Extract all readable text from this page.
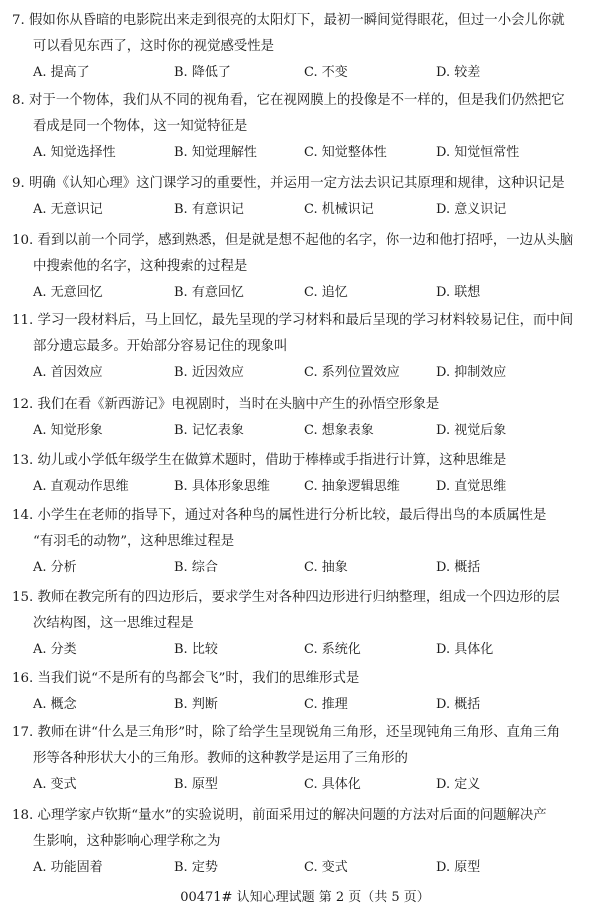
7. 假如你从昏暗的电影院出来走到很亮的太阳灯下，最初一瞬间觉得眼花，但过一小会儿你就

可以看见东西了，这时你的视觉感受性是

A. 提高了	B. 降低了	C. 不变	D. 较差

8. 对于一个物体，我们从不同的视角看，它在视网膜上的投像是不一样的，但是我们仍然把它

看成是同一个物体，这一知觉特征是

A. 知觉选择性	B. 知觉理解性	C. 知觉整体性	D. 知觉恒常性

9. 明确《认知心理》这门课学习的重要性，并运用一定方法去识记其原理和规律，这种识记是

A. 无意识记	B. 有意识记	C. 机械识记	D. 意义识记

10. 看到以前一个同学，感到熟悉，但是就是想不起他的名字，你一边和他打招呼，一边从头脑

中搜索他的名字，这种搜索的过程是

A. 无意回忆	B. 有意回忆	C. 追忆	D. 联想

11. 学习一段材料后，马上回忆，最先呈现的学习材料和最后呈现的学习材料较易记住，而中间

部分遗忘最多。开始部分容易记住的现象叫

A. 首因效应	B. 近因效应	C. 系列位置效应	D. 抑制效应

12. 我们在看《新西游记》电视剧时，当时在头脑中产生的孙悟空形象是

A. 知觉形象	B. 记忆表象	C. 想象表象	D. 视觉后象

13. 幼儿或小学低年级学生在做算术题时，借助于棒棒或手指进行计算，这种思维是

A. 直观动作思维	B. 具体形象思维	C. 抽象逻辑思维	D. 直觉思维

14. 小学生在老师的指导下，通过对各种鸟的属性进行分析比较，最后得出鸟的本质属性是

“有羽毛的动物”，这种思维过程是

A. 分析	B. 综合	C. 抽象	D. 概括

15. 教师在教完所有的四边形后，要求学生对各种四边形进行归纳整理，组成一个四边形的层

次结构图，这一思维过程是

A. 分类	B. 比较	C. 系统化	D. 具体化

16. 当我们说“不是所有的鸟都会飞”时，我们的思维形式是

A. 概念	B. 判断	C. 推理	D. 概括

17. 教师在讲“什么是三角形”时，除了给学生呈现锐角三角形，还呈现钝角三角形、直角三角

形等各种形状大小的三角形。教师的这种教学是运用了三角形的

A. 变式	B. 原型	C. 具体化	D. 定义

18. 心理学家卢钦斯“量水”的实验说明，前面采用过的解决问题的方法对后面的问题解决产

生影响，这种影响心理学称之为

A. 功能固着	B. 定势	C. 变式	D. 原型
00471# 认知心理试题 第 2 页（共 5 页）
